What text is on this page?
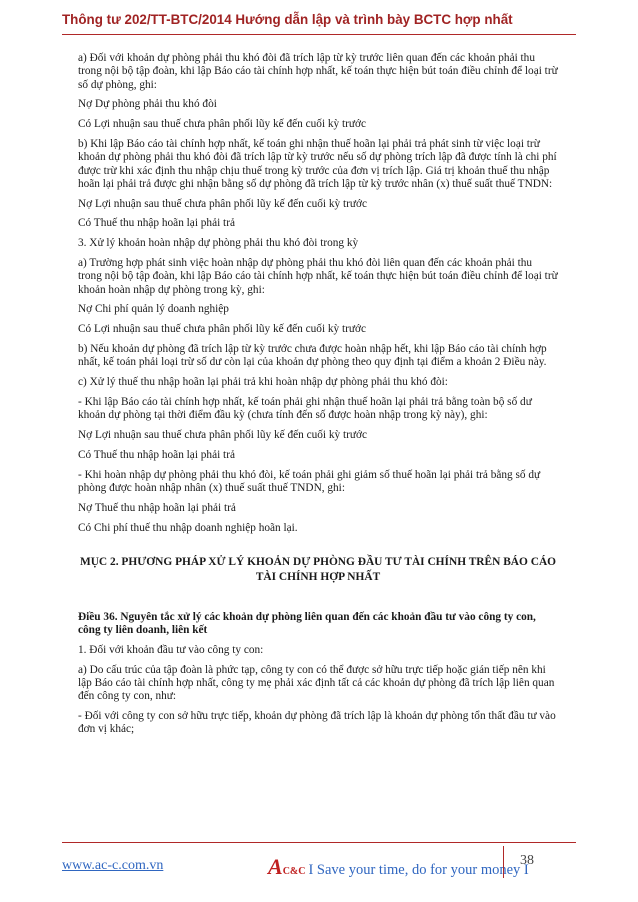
Thông tư 202/TT-BTC/2014 Hướng dẫn lập và trình bày BCTC hợp nhất

a) Đối với khoản dự phòng phải thu khó đòi đã trích lập từ kỳ trước liên quan đến các khoản phải thu trong nội bộ tập đoàn, khi lập Báo cáo tài chính hợp nhất, kế toán thực hiện bút toán điều chỉnh để loại trừ số dự phòng, ghi:

Nợ Dự phòng phải thu khó đòi

Có Lợi nhuận sau thuế chưa phân phối lũy kế đến cuối kỳ trước

b) Khi lập Báo cáo tài chính hợp nhất, kế toán ghi nhận thuế hoãn lại phải trả phát sinh từ việc loại trừ khoản dự phòng phải thu khó đòi đã trích lập từ kỳ trước nếu số dự phòng trích lập đã được tính là chi phí được trừ khi xác định thu nhập chịu thuế trong kỳ trước của đơn vị trích lập. Giá trị khoản thuế thu nhập hoãn lại phải trả được ghi nhận bằng số dự phòng đã trích lập từ kỳ trước nhân (x) thuế suất thuế TNDN:

Nợ Lợi nhuận sau thuế chưa phân phối lũy kế đến cuối kỳ trước

Có Thuế thu nhập hoãn lại phải trả

3. Xử lý khoản hoàn nhập dự phòng phải thu khó đòi trong kỳ

a) Trường hợp phát sinh việc hoàn nhập dự phòng phải thu khó đòi liên quan đến các khoản phải thu trong nội bộ tập đoàn, khi lập Báo cáo tài chính hợp nhất, kế toán thực hiện bút toán điều chỉnh để loại trừ khoản hoàn nhập dự phòng trong kỳ, ghi:

Nợ Chi phí quản lý doanh nghiệp

Có Lợi nhuận sau thuế chưa phân phối lũy kế đến cuối kỳ trước

b) Nếu khoản dự phòng đã trích lập từ kỳ trước chưa được hoàn nhập hết, khi lập Báo cáo tài chính hợp nhất, kế toán phải loại trừ số dư còn lại của khoản dự phòng theo quy định tại điểm a khoản 2 Điều này.

c) Xử lý thuế thu nhập hoãn lại phải trả khi hoàn nhập dự phòng phải thu khó đòi:

- Khi lập Báo cáo tài chính hợp nhất, kế toán phải ghi nhận thuế hoãn lại phải trả bằng toàn bộ số dư khoản dự phòng tại thời điểm đầu kỳ (chưa tính đến số được hoàn nhập trong kỳ này), ghi:

Nợ Lợi nhuận sau thuế chưa phân phối lũy kế đến cuối kỳ trước

Có Thuế thu nhập hoãn lại phải trả

- Khi hoàn nhập dự phòng phải thu khó đòi, kế toán phải ghi giảm số thuế hoãn lại phải trả bằng số dự phòng được hoàn nhập nhân (x) thuế suất thuế TNDN, ghi:

Nợ Thuế thu nhập hoãn lại phải trả

Có Chi phí thuế thu nhập doanh nghiệp hoãn lại.

MỤC 2. PHƯƠNG PHÁP XỬ LÝ KHOẢN DỰ PHÒNG ĐẦU TƯ TÀI CHÍNH TRÊN BÁO CÁO TÀI CHÍNH HỢP NHẤT

Điều 36. Nguyên tắc xử lý các khoản dự phòng liên quan đến các khoản đầu tư vào công ty con, công ty liên doanh, liên kết

1. Đối với khoản đầu tư vào công ty con:

a) Do cấu trúc của tập đoàn là phức tạp, công ty con có thể được sở hữu trực tiếp hoặc gián tiếp nên khi lập Báo cáo tài chính hợp nhất, công ty mẹ phải xác định tất cả các khoản dự phòng đã trích lập liên quan đến công ty con, như:

- Đối với công ty con sở hữu trực tiếp, khoản dự phòng đã trích lập là khoản dự phòng tổn thất đầu tư vào đơn vị khác;

www.ac-c.com.vn	AC&C I Save your time, do for your money I
38
